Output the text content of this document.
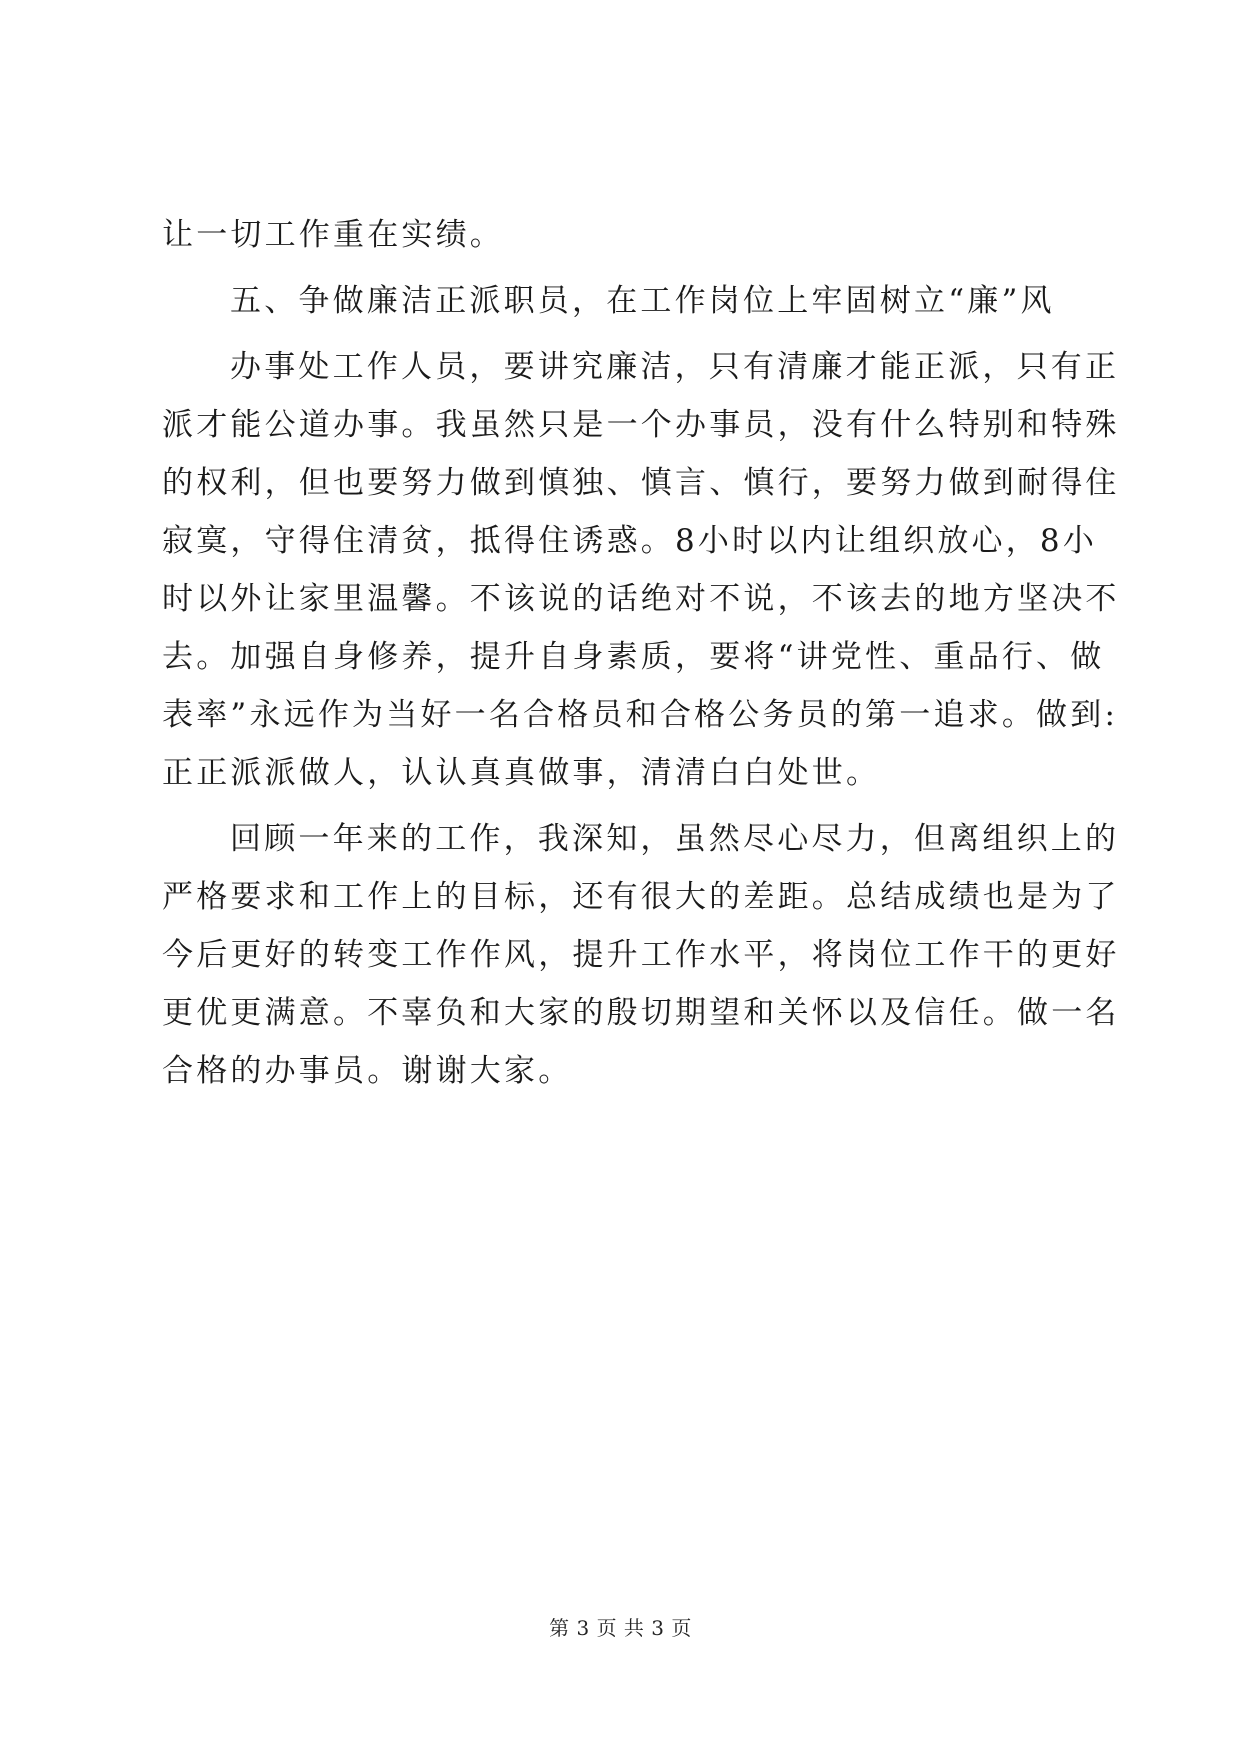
让一切工作重在实绩。
五、争做廉洁正派职员，在工作岗位上牢固树立“廉”风
办事处工作人员，要讲究廉洁，只有清廉才能正派，只有正
派才能公道办事。我虽然只是一个办事员，没有什么特别和特殊
的权利，但也要努力做到慎独、慎言、慎行，要努力做到耐得住
寂寞，守得住清贫，抵得住诱惑。8小时以内让组织放心，8小
时以外让家里温馨。不该说的话绝对不说，不该去的地方坚决不
去。加强自身修养，提升自身素质，要将“讲党性、重品行、做
表率”永远作为当好一名合格员和合格公务员的第一追求。做到:
正正派派做人，认认真真做事，清清白白处世。
回顾一年来的工作，我深知，虽然尽心尽力，但离组织上的
严格要求和工作上的目标，还有很大的差距。总结成绩也是为了
今后更好的转变工作作风，提升工作水平，将岗位工作干的更好
更优更满意。不辜负和大家的殷切期望和关怀以及信任。做一名
合格的办事员。谢谢大家。
第 3 页 共 3 页
